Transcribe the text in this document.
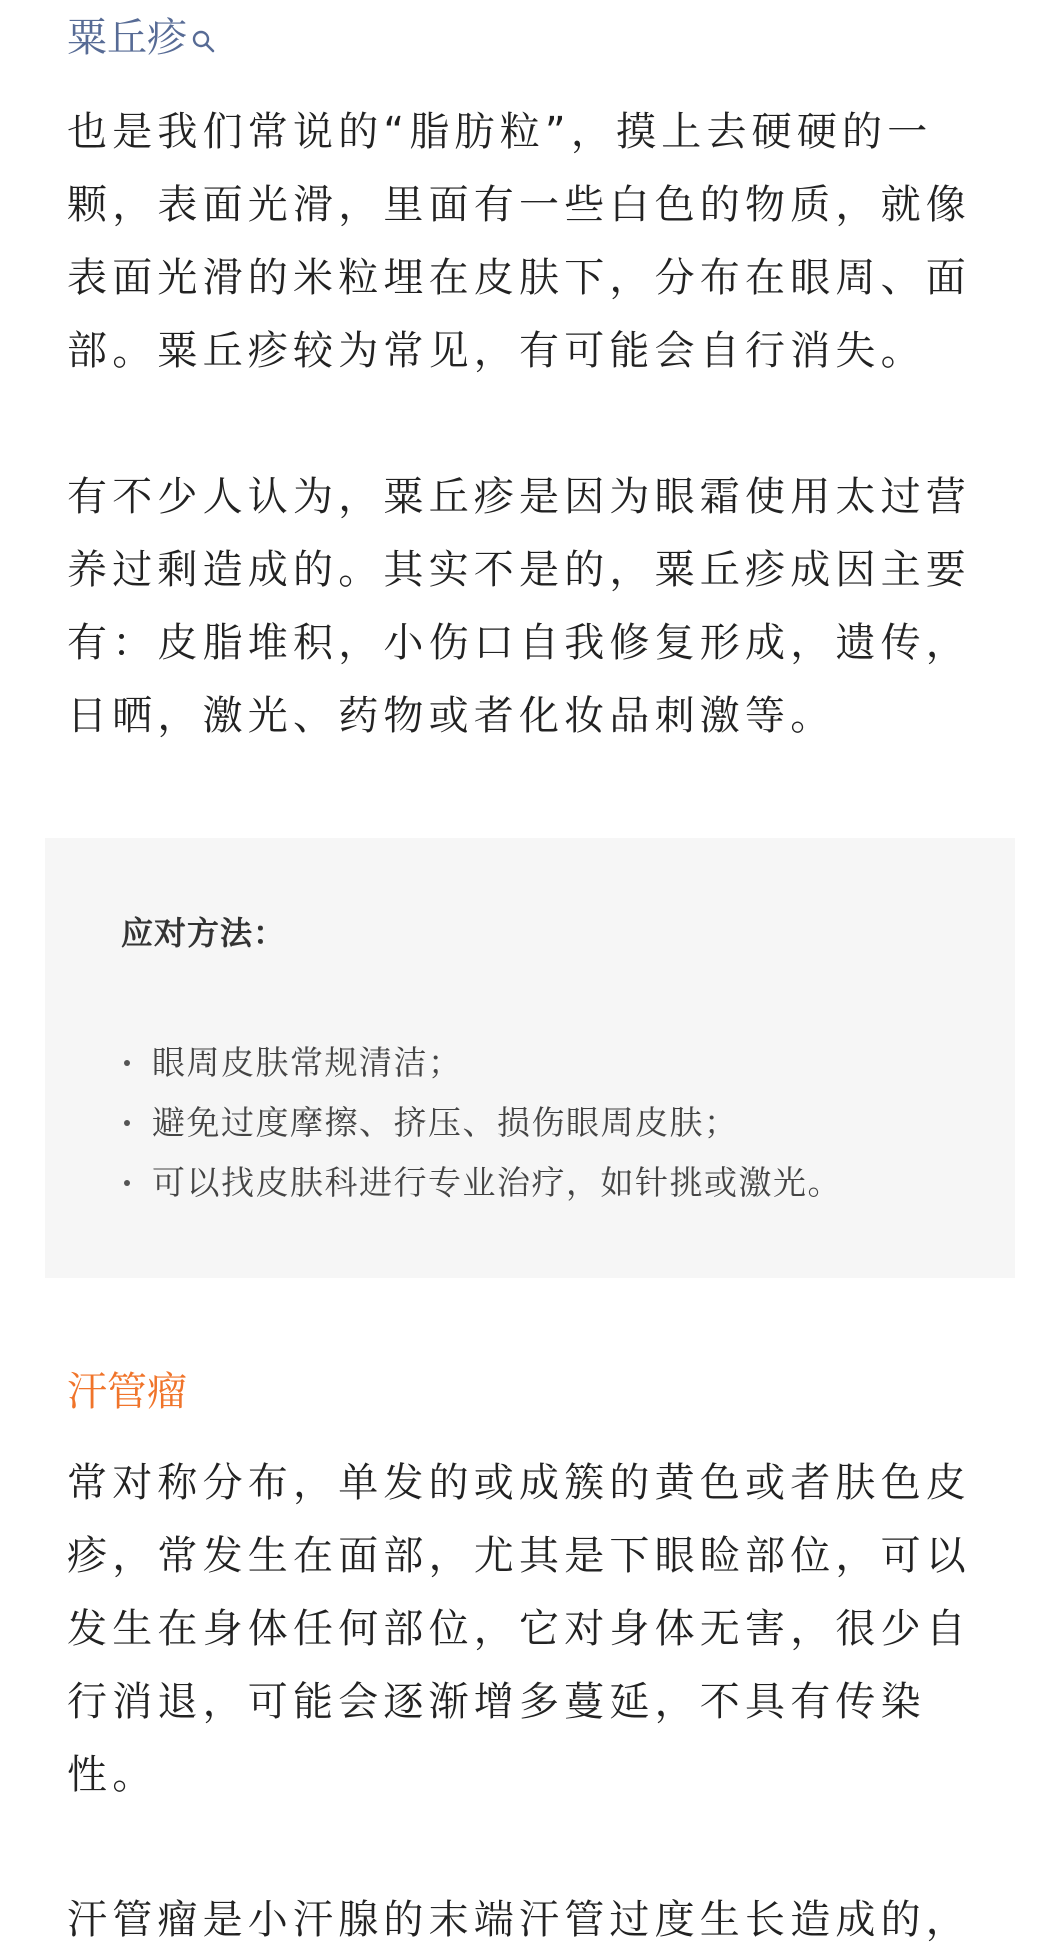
粟丘疹

也是我们常说的“脂肪粒”，摸上去硬硬的一颗，表面光滑，里面有一些白色的物质，就像表面光滑的米粒埋在皮肤下，分布在眼周、面部。粟丘疹较为常见，有可能会自行消失。

有不少人认为，粟丘疹是因为眼霜使用太过营养过剩造成的。其实不是的，粟丘疹成因主要有：皮脂堆积，小伤口自我修复形成，遗传，日晒，激光、药物或者化妆品刺激等。

应对方法：
眼周皮肤常规清洁；
避免过度摩擦、挤压、损伤眼周皮肤；
可以找皮肤科进行专业治疗，如针挑或激光。
汗管瘤

常对称分布，单发的或成簇的黄色或者肤色皮疹，常发生在面部，尤其是下眼睑部位，可以发生在身体任何部位，它对身体无害，很少自行消退，可能会逐渐增多蔓延，不具有传染性。

汗管瘤是小汗腺的末端汗管过度生长造成的，
